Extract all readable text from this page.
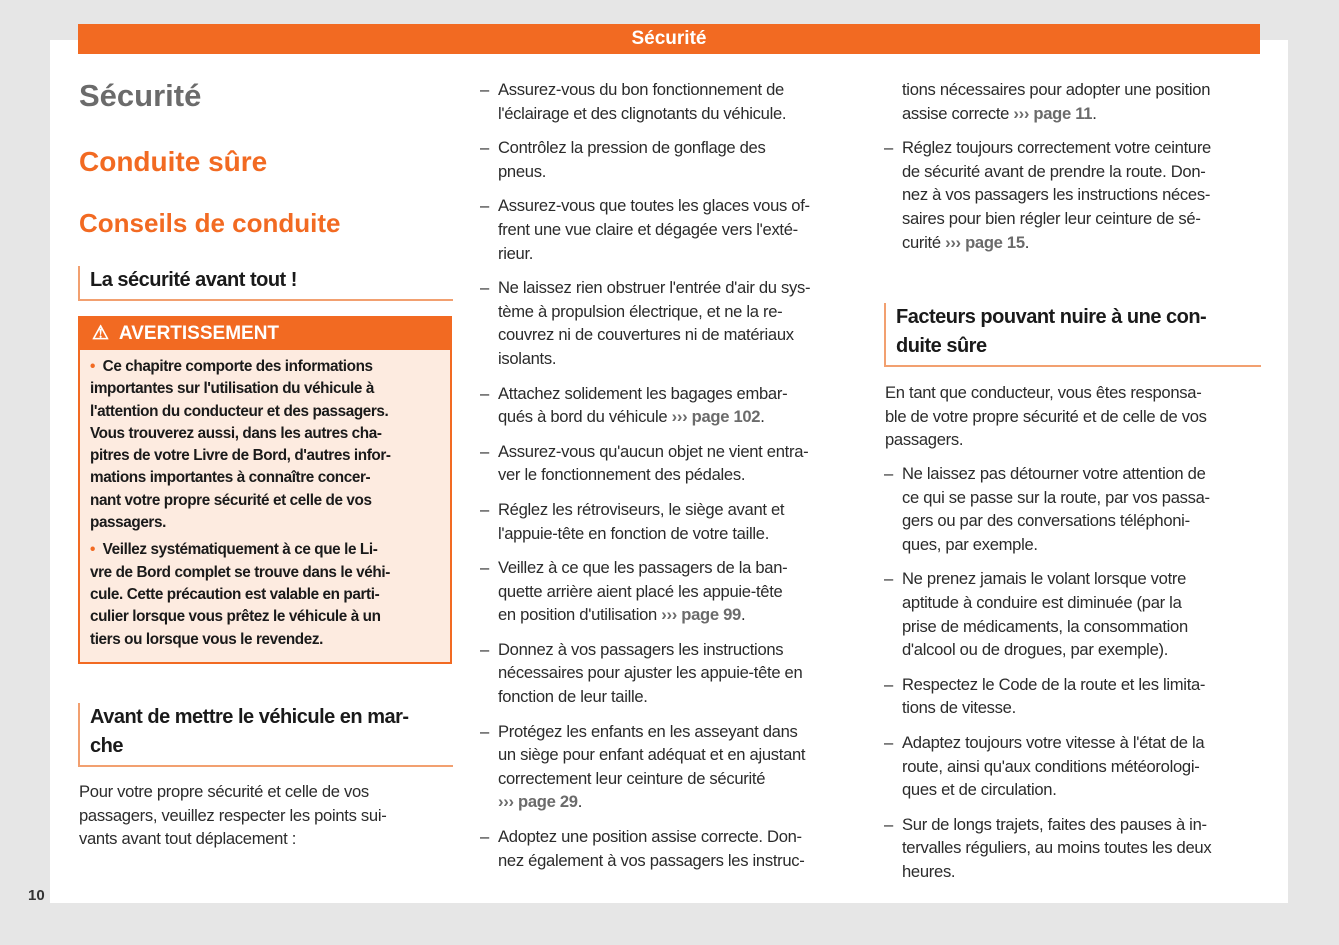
Sécurité
Sécurité
Conduite sûre
Conseils de conduite
La sécurité avant tout !
⚠ AVERTISSEMENT
• Ce chapitre comporte des informations
importantes sur l'utilisation du véhicule à
l'attention du conducteur et des passagers.
Vous trouverez aussi, dans les autres cha-
pitres de votre Livre de Bord, d'autres infor-
mations importantes à connaître concer-
nant votre propre sécurité et celle de vos
passagers.
• Veillez systématiquement à ce que le Li-
vre de Bord complet se trouve dans le véhi-
cule. Cette précaution est valable en parti-
culier lorsque vous prêtez le véhicule à un
tiers ou lorsque vous le revendez.
Avant de mettre le véhicule en mar-
che
Pour votre propre sécurité et celle de vos
passagers, veuillez respecter les points sui-
vants avant tout déplacement :
– Assurez-vous du bon fonctionnement de
l'éclairage et des clignotants du véhicule.
– Contrôlez la pression de gonflage des
pneus.
– Assurez-vous que toutes les glaces vous of-
frent une vue claire et dégagée vers l'exté-
rieur.
– Ne laissez rien obstruer l'entrée d'air du sys-
tème à propulsion électrique, et ne la re-
couvrez ni de couvertures ni de matériaux
isolants.
– Attachez solidement les bagages embar-
qués à bord du véhicule ››› page 102.
– Assurez-vous qu'aucun objet ne vient entra-
ver le fonctionnement des pédales.
– Réglez les rétroviseurs, le siège avant et
l'appuie-tête en fonction de votre taille.
– Veillez à ce que les passagers de la ban-
quette arrière aient placé les appuie-tête
en position d'utilisation ››› page 99.
– Donnez à vos passagers les instructions
nécessaires pour ajuster les appuie-tête en
fonction de leur taille.
– Protégez les enfants en les asseyant dans
un siège pour enfant adéquat et en ajustant
correctement leur ceinture de sécurité
››› page 29.
– Adoptez une position assise correcte. Don-
nez également à vos passagers les instruc-
tions nécessaires pour adopter une position
assise correcte ››› page 11.
– Réglez toujours correctement votre ceinture
de sécurité avant de prendre la route. Don-
nez à vos passagers les instructions néces-
saires pour bien régler leur ceinture de sé-
curité ››› page 15.
Facteurs pouvant nuire à une con-
duite sûre
En tant que conducteur, vous êtes responsa-
ble de votre propre sécurité et de celle de vos
passagers.
– Ne laissez pas détourner votre attention de
ce qui se passe sur la route, par vos passa-
gers ou par des conversations téléphoni-
ques, par exemple.
– Ne prenez jamais le volant lorsque votre
aptitude à conduire est diminuée (par la
prise de médicaments, la consommation
d'alcool ou de drogues, par exemple).
– Respectez le Code de la route et les limita-
tions de vitesse.
– Adaptez toujours votre vitesse à l'état de la
route, ainsi qu'aux conditions météorologi-
ques et de circulation.
– Sur de longs trajets, faites des pauses à in-
tervalles réguliers, au moins toutes les deux
heures.
10
